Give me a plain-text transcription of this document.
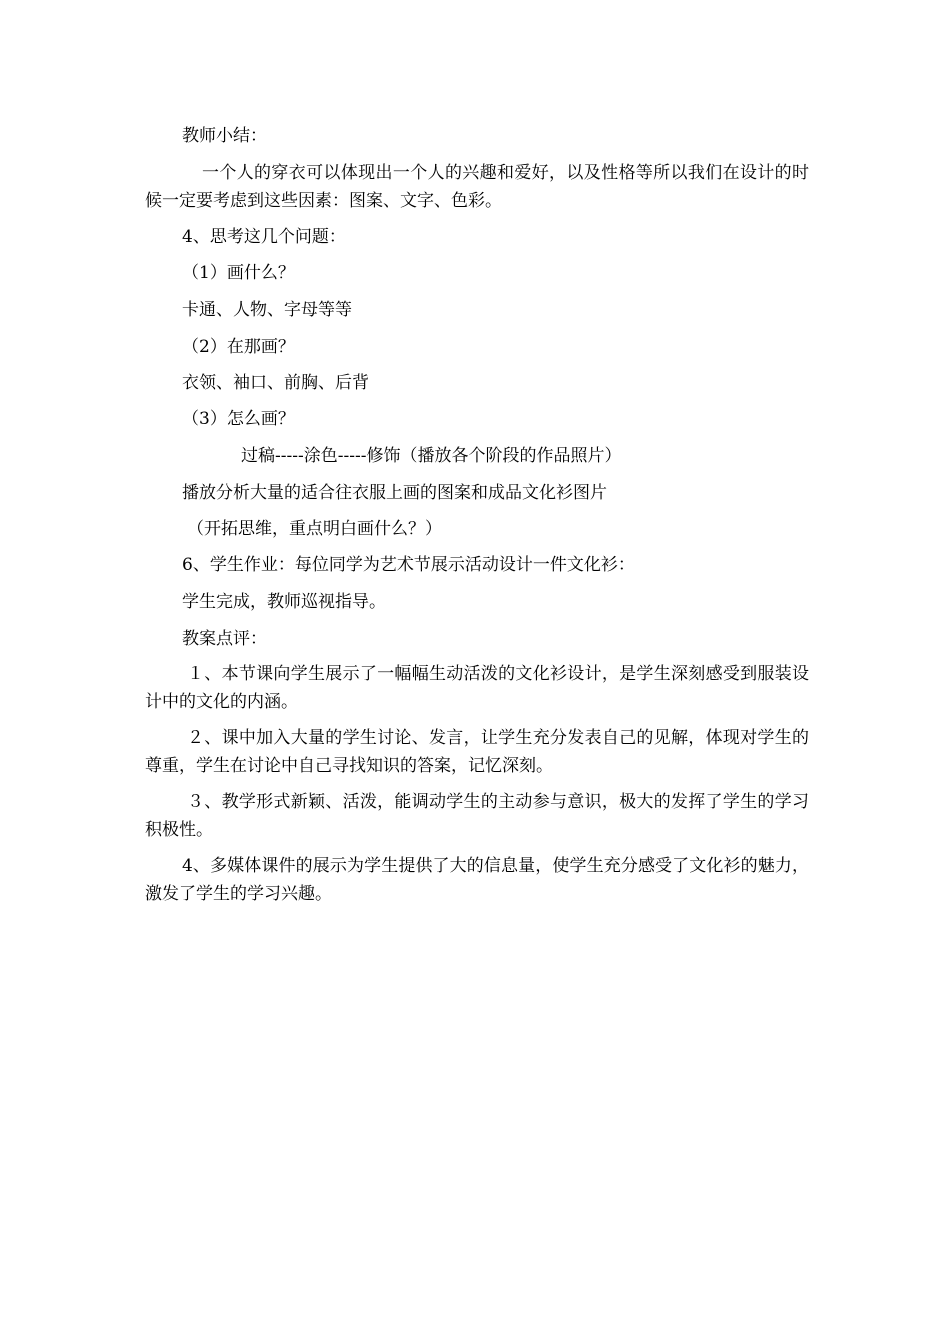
教师小结：
一个人的穿衣可以体现出一个人的兴趣和爱好，以及性格等所以我们在设计的时候一定要考虑到这些因素：图案、文字、色彩。
4、思考这几个问题：
（1）画什么？
卡通、人物、字母等等
（2）在那画？
衣领、袖口、前胸、后背
（3）怎么画？
过稿-----涂色-----修饰（播放各个阶段的作品照片）
播放分析大量的适合往衣服上画的图案和成品文化衫图片
（开拓思维，重点明白画什么？）
6、学生作业：每位同学为艺术节展示活动设计一件文化衫：
学生完成，教师巡视指导。
教案点评：
１、本节课向学生展示了一幅幅生动活泼的文化衫设计，是学生深刻感受到服装设计中的文化的内涵。
２、课中加入大量的学生讨论、发言，让学生充分发表自己的见解，体现对学生的尊重，学生在讨论中自己寻找知识的答案，记忆深刻。
３、教学形式新颖、活泼，能调动学生的主动参与意识，极大的发挥了学生的学习积极性。
4、多媒体课件的展示为学生提供了大的信息量，使学生充分感受了文化衫的魅力，激发了学生的学习兴趣。
